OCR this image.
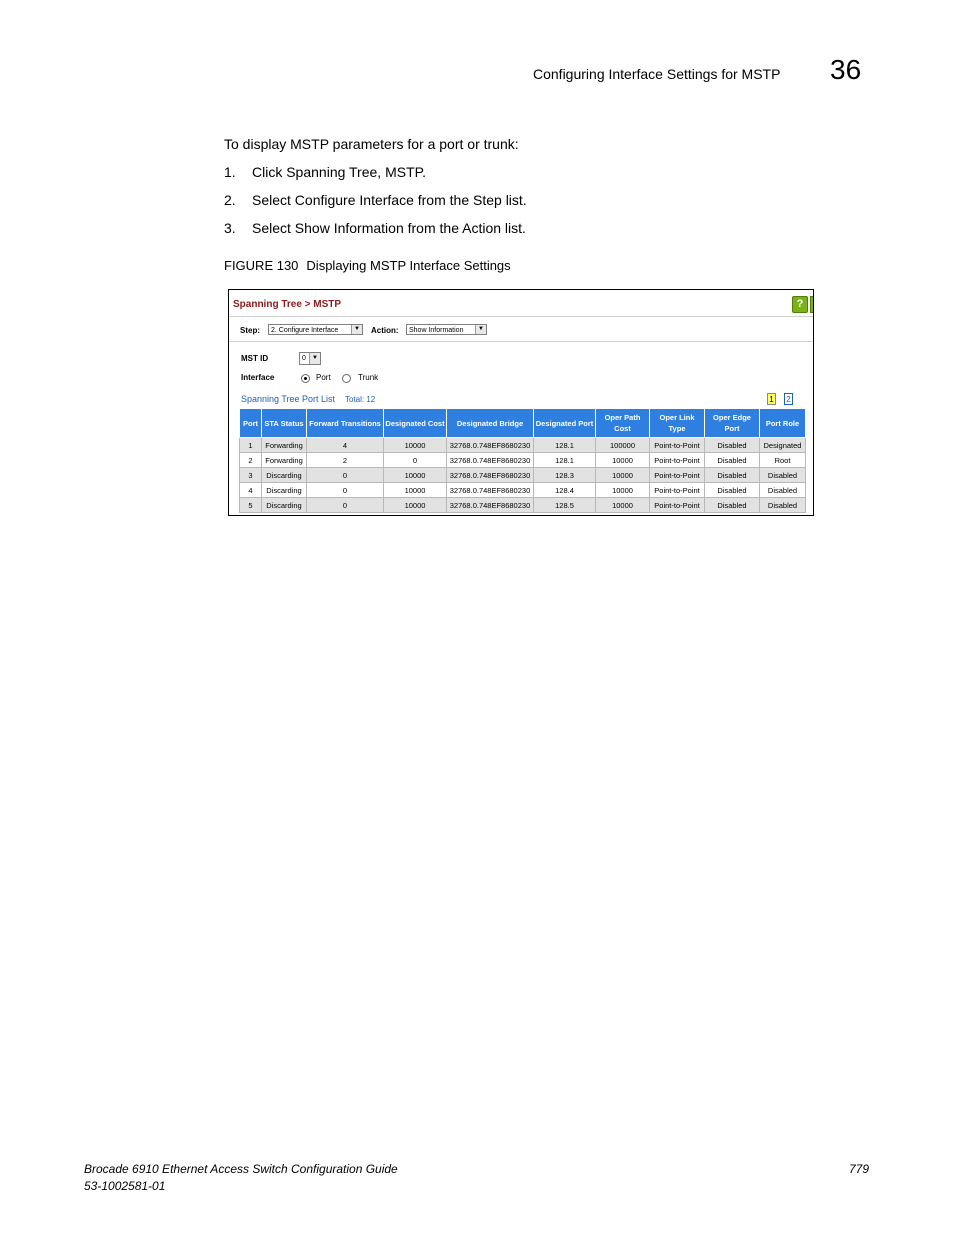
Configuring Interface Settings for MSTP 36
To display MSTP parameters for a port or trunk:
1. Click Spanning Tree, MSTP.
2. Select Configure Interface from the Step list.
3. Select Show Information from the Action list.
FIGURE 130 Displaying MSTP Interface Settings
Spanning Tree > MSTP	?
Step:	2. Configure Interface	▼ Action:	Show Information	▼
MST ID	0	▼
Interface	Port	Trunk
Spanning Tree Port List Total: 12	1 2
Port	STA Status	Forward Transitions	Designated Cost	Designated Bridge	Designated Port	Oper Path Cost	Oper Link Type	Oper Edge Port	Port Role
1	Forwarding	4	10000	32768.0.748EF8680230	128.1	100000	Point-to-Point	Disabled	Designated
2	Forwarding	2	0	32768.0.748EF8680230	128.1	10000	Point-to-Point	Disabled	Root
3	Discarding	0	10000	32768.0.748EF8680230	128.3	10000	Point-to-Point	Disabled	Disabled
4	Discarding	0	10000	32768.0.748EF8680230	128.4	10000	Point-to-Point	Disabled	Disabled
5	Discarding	0	10000	32768.0.748EF8680230	128.5	10000	Point-to-Point	Disabled	Disabled
Brocade 6910 Ethernet Access Switch Configuration Guide
53-1002581-01
779
